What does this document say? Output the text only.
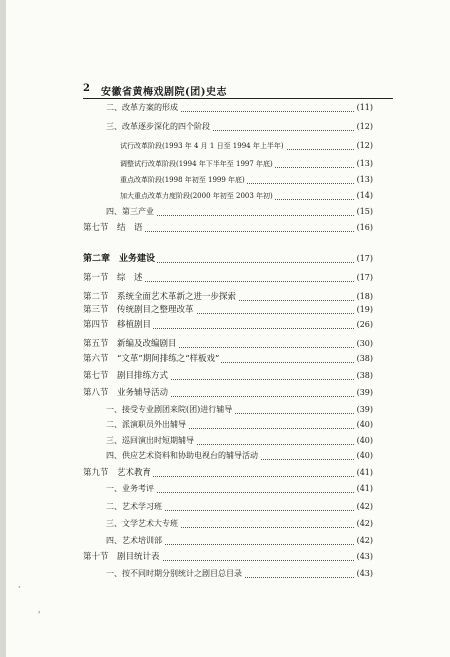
2 安徽省黄梅戏剧院(团)史志
二、改革方案的形成	(11)
三、改革逐步深化的四个阶段	(12)
试行改革阶段(1993 年 4 月 1 日至 1994 年上半年)	(12)
调整试行改革阶段(1994 年下半年至 1997 年底)	(13)
重点改革阶段(1998 年初至 1999 年底)	(13)
加大重点改革力度阶段(2000 年初至 2003 年初)	(14)
四、第三产业	(15)
第七节　结　语	(16)
第二章　业务建设	(17)
第一节　综　述	(17)
第二节　系统全面艺术革新之进一步探索	(18)
第三节　传统剧目之整理改革	(19)
第四节　移植剧目	(26)
第五节　新编及改编剧目	(30)
第六节　“文革”期间排练之“样板戏”	(38)
第七节　剧目排练方式	(38)
第八节　业务辅导活动	(39)
一、接受专业剧团来院(团)进行辅导	(39)
二、派演职员外出辅导	(40)
三、巡回演出时短期辅导	(40)
四、供应艺术资料和协助电视台的辅导活动	(40)
第九节　艺术教育	(41)
一、业务考评	(41)
二、艺术学习班	(42)
三、文学艺术大专班	(42)
四、艺术培训部	(42)
第十节　剧目统计表	(43)
一、按不同时期分别统计之剧目总目录	(43)
ﾞ
'
